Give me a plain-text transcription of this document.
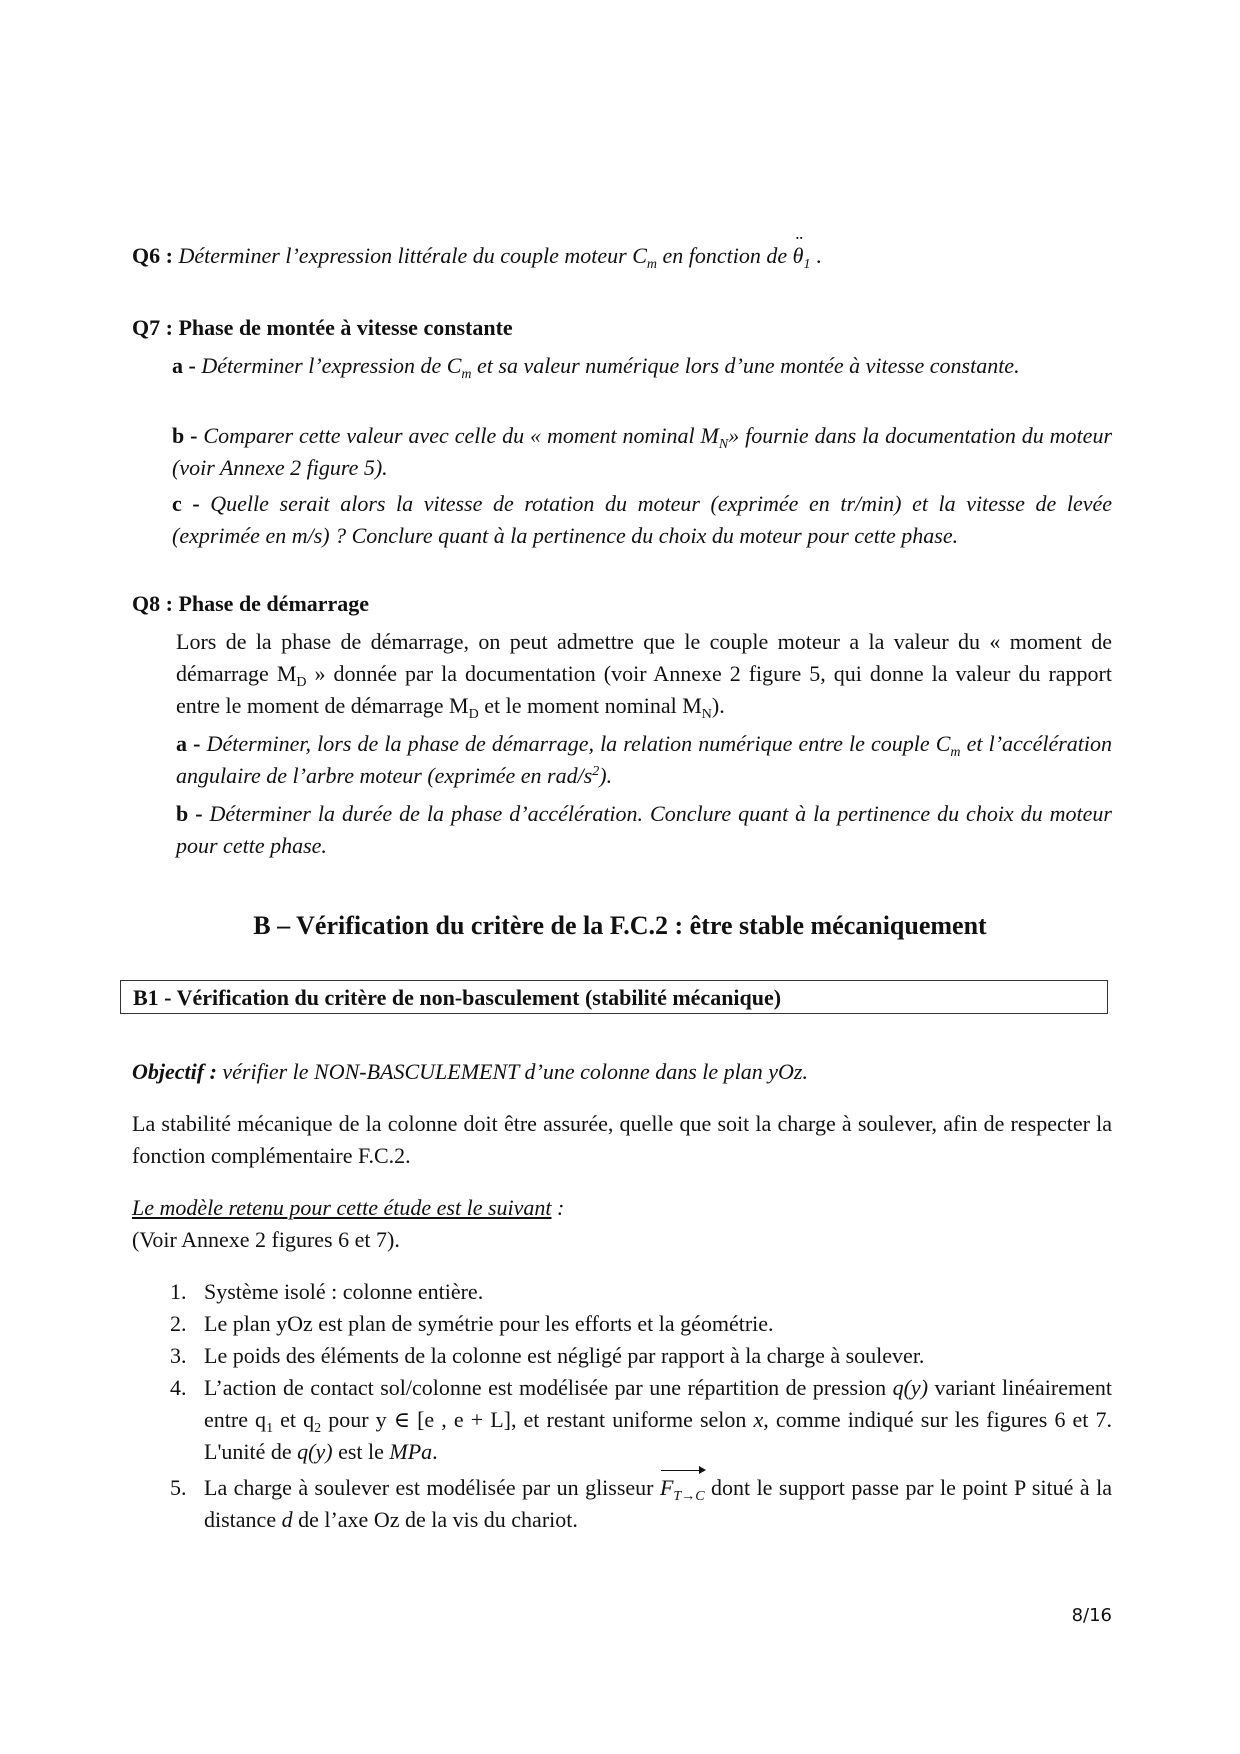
Q6 : Déterminer l’expression littérale du couple moteur $C_m$ en fonction de ¨ $\theta_1$ .
Q7 : Phase de montée à vitesse constante
a - Déterminer l’expression de $C_m$ et sa valeur numérique lors d’une montée à vitesse constante.
b - Comparer cette valeur avec celle du « moment nominal $M_N$» fournie dans la documentation du moteur (voir Annexe 2 figure 5).
c - Quelle serait alors la vitesse de rotation du moteur (exprimée en tr/min) et la vitesse de levée (exprimée en m/s) ? Conclure quant à la pertinence du choix du moteur pour cette phase.
Q8 : Phase de démarrage
Lors de la phase de démarrage, on peut admettre que le couple moteur a la valeur du « moment de démarrage $M_D$ » donnée par la documentation (voir Annexe 2 figure 5, qui donne la valeur du rapport entre le moment de démarrage $M_D$ et le moment nominal $M_N$).
a - Déterminer, lors de la phase de démarrage, la relation numérique entre le couple $C_m$ et l’accélération angulaire de l’arbre moteur (exprimée en rad/$s^2$).
b - Déterminer la durée de la phase d’accélération. Conclure quant à la pertinence du choix du moteur pour cette phase.
B – Vérification du critère de la F.C.2 : être stable mécaniquement
B1 - Vérification du critère de non-basculement (stabilité mécanique)
Objectif : vérifier le NON-BASCULEMENT d’une colonne dans le plan yOz.
La stabilité mécanique de la colonne doit être assurée, quelle que soit la charge à soulever, afin de respecter la fonction complémentaire F.C.2.
Le modèle retenu pour cette étude est le suivant :
(Voir Annexe 2 figures 6 et 7).
1. Système isolé : colonne entière.
2. Le plan yOz est plan de symétrie pour les efforts et la géométrie.
3. Le poids des éléments de la colonne est négligé par rapport à la charge à soulever.
4. L’action de contact sol/colonne est modélisée par une répartition de pression q(y) variant linéairement entre $q_1$ et $q_2$ pour y ∈ [e , e + L], et restant uniforme selon x, comme indiqué sur les figures 6 et 7. L'unité de q(y) est le MPa.
5. La charge à soulever est modélisée par un glisseur $F_{T\to C}$ dont le support passe par le point P situé à la distance d de l’axe Oz de la vis du chariot.
8/16
